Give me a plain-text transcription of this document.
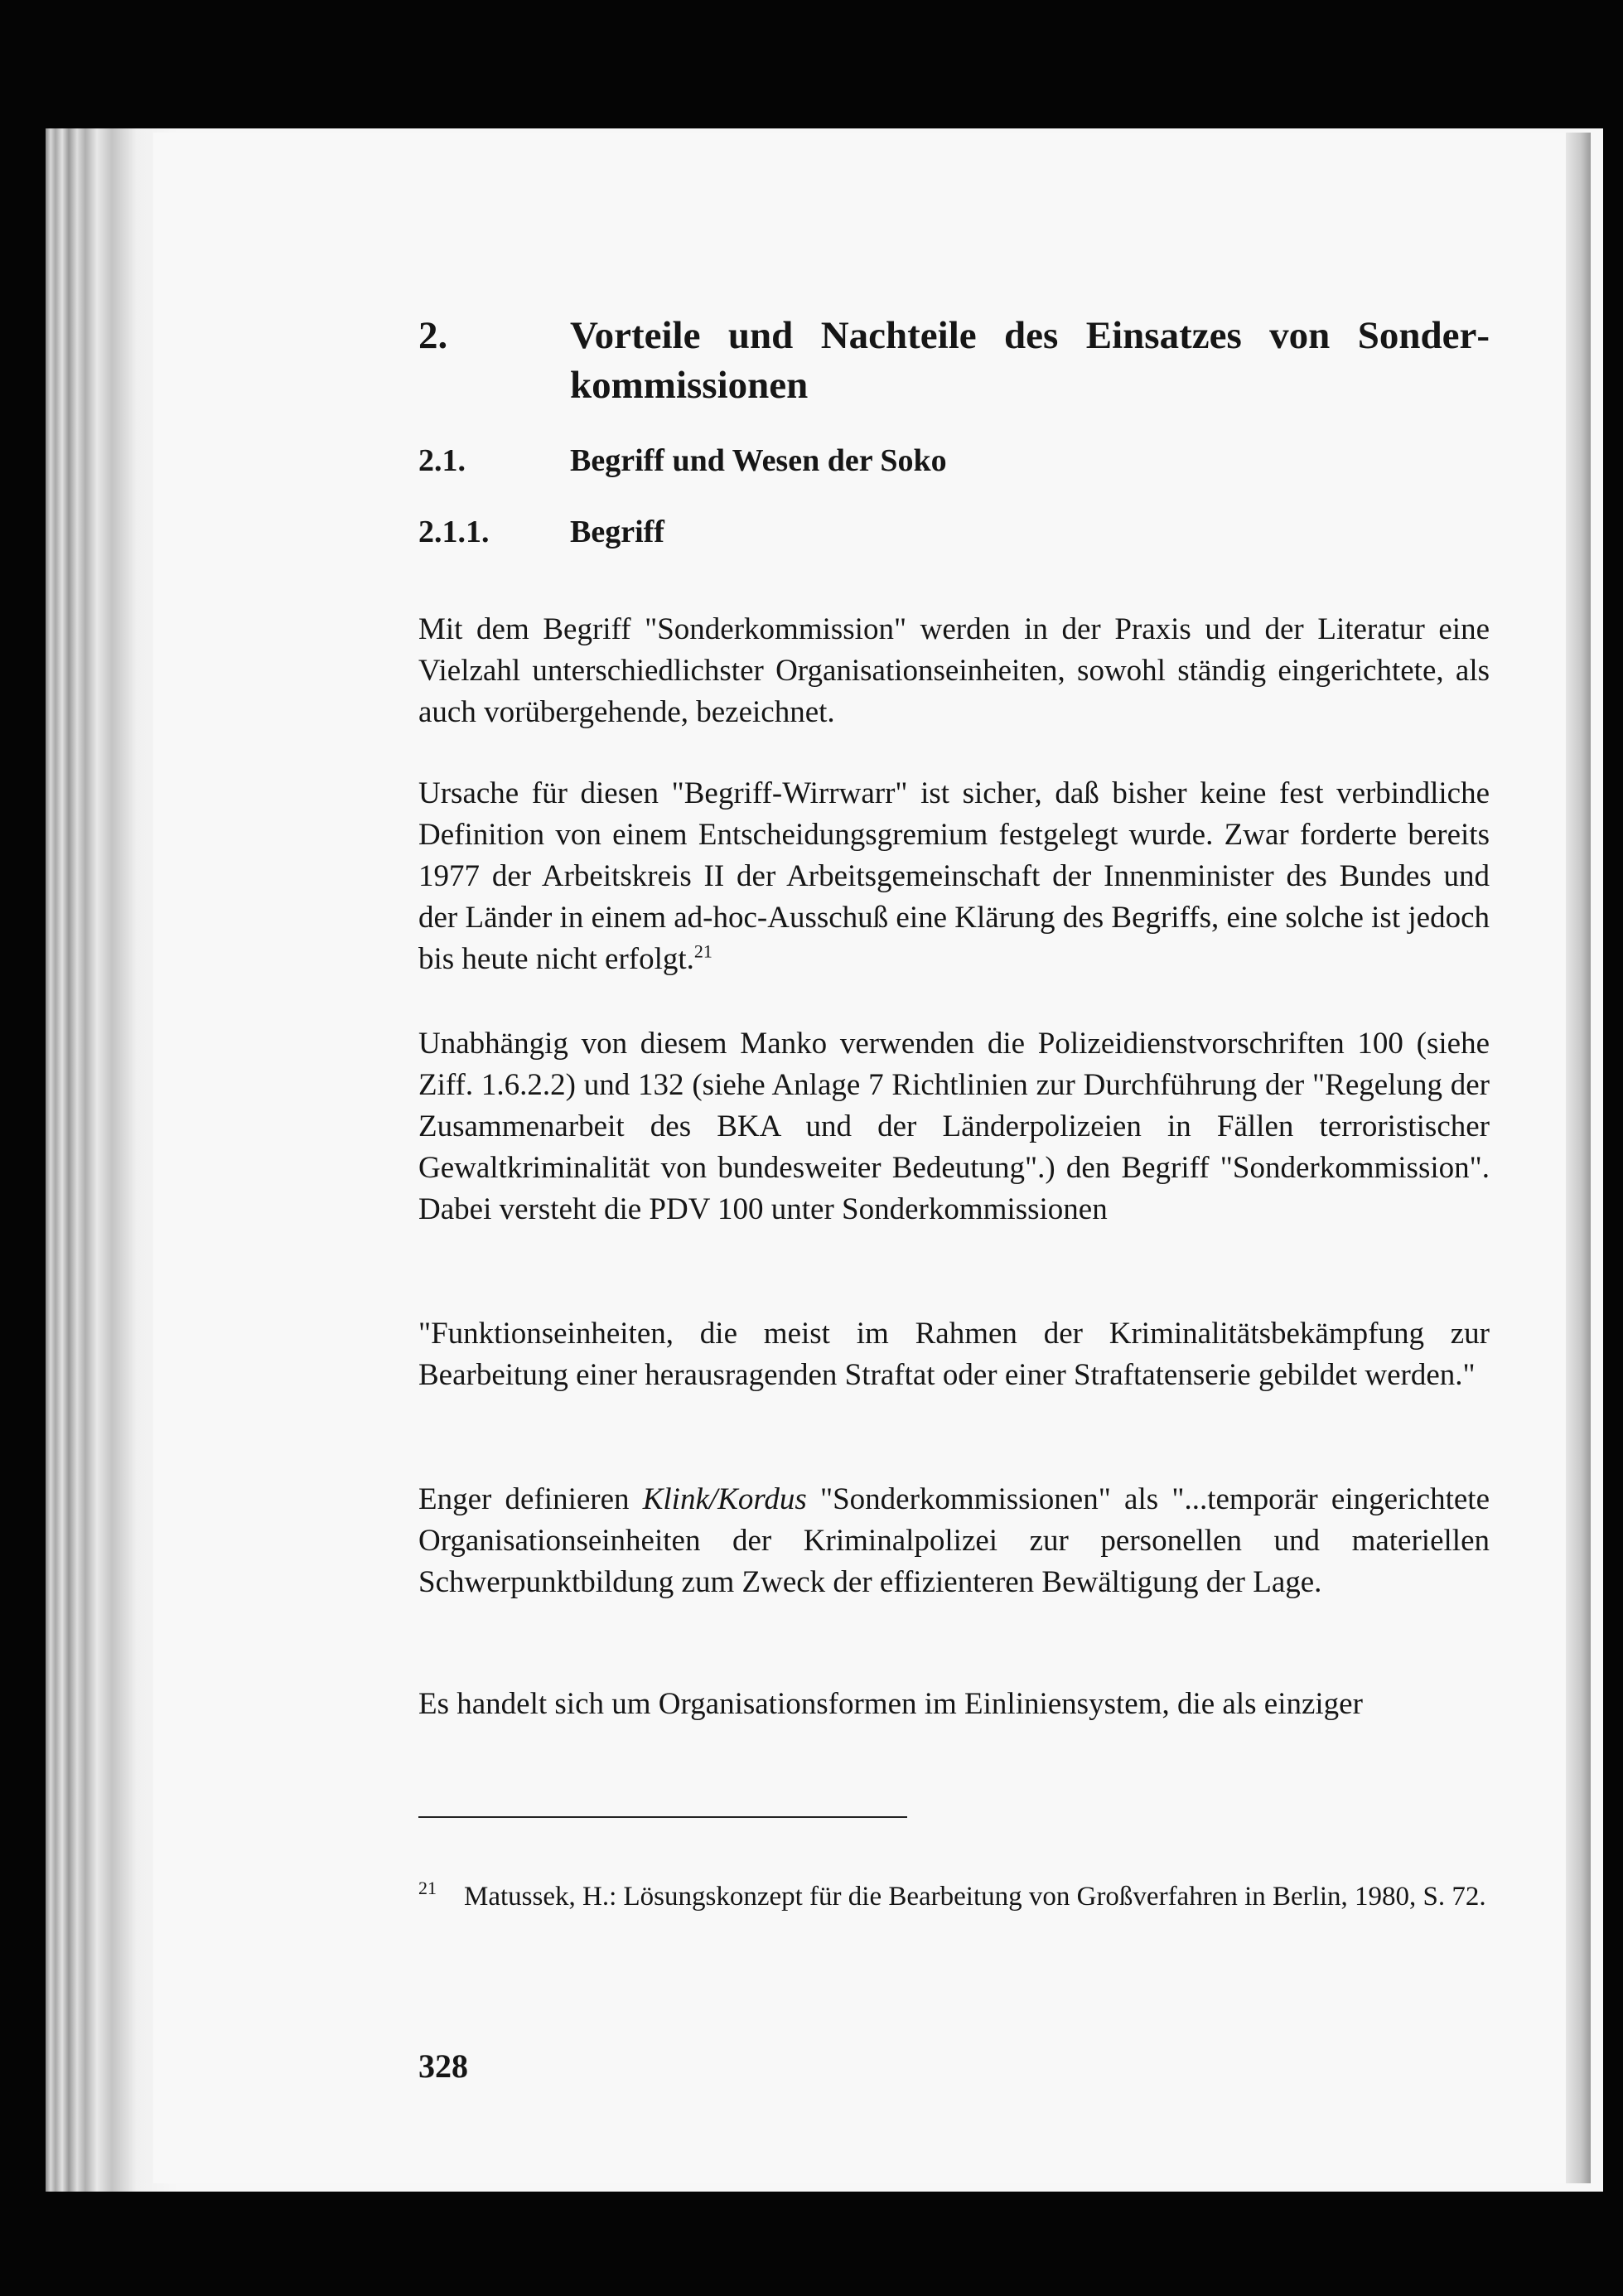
2.	Vorteile und Nachteile des Einsatzes von Sonderkommissionen
2.1.	Begriff und Wesen der Soko
2.1.1.	Begriff

Mit dem Begriff "Sonderkommission" werden in der Praxis und der Literatur eine Vielzahl unterschiedlichster Organisationseinheiten, sowohl ständig eingerichtete, als auch vorübergehende, bezeichnet.

Ursache für diesen "Begriff-Wirrwarr" ist sicher, daß bisher keine fest verbindliche Definition von einem Entscheidungsgremium festgelegt wurde. Zwar forderte bereits 1977 der Arbeitskreis II der Arbeitsgemeinschaft der Innenminister des Bundes und der Länder in einem ad-hoc-Ausschuß eine Klärung des Begriffs, eine solche ist jedoch bis heute nicht erfolgt.$^{21}$

Unabhängig von diesem Manko verwenden die Polizeidienstvorschriften 100 (siehe Ziff. 1.6.2.2) und 132 (siehe Anlage 7 Richtlinien zur Durchführung der "Regelung der Zusammenarbeit des BKA und der Länderpolizeien in Fällen terroristischer Gewaltkriminalität von bundesweiter Bedeutung".) den Begriff "Sonderkommission". Dabei versteht die PDV 100 unter Sonderkommissionen

"Funktionseinheiten, die meist im Rahmen der Kriminalitätsbekämpfung zur Bearbeitung einer herausragenden Straftat oder einer Straftatenserie gebildet werden."

Enger definieren Klink/Kordus "Sonderkommissionen" als "...temporär eingerichtete Organisationseinheiten der Kriminalpolizei zur personellen und materiellen Schwerpunktbildung zum Zweck der effizienteren Bewältigung der Lage.

Es handelt sich um Organisationsformen im Einliniensystem, die als einziger

21 Matussek, H.: Lösungskonzept für die Bearbeitung von Großverfahren in Berlin, 1980, S. 72.
328
